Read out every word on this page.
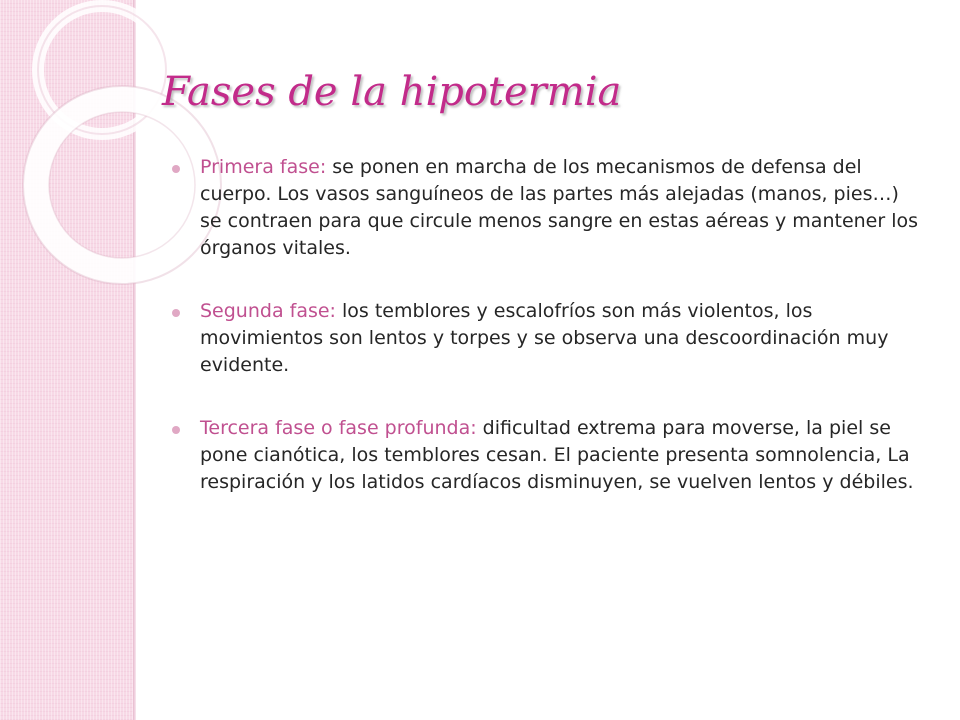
Fases de la hipotermia
Primera fase: se ponen en marcha de los mecanismos de defensa del cuerpo. Los vasos sanguíneos de las partes más alejadas (manos, pies…) se contraen para que circule menos sangre en estas aéreas y mantener los órganos vitales.
Segunda fase: los temblores y escalofríos son más violentos, los movimientos son lentos y torpes y se observa una descoordinación muy evidente.
Tercera fase o fase profunda: dificultad extrema para moverse, la piel se pone cianótica, los temblores cesan. El paciente presenta somnolencia, La respiración y los latidos cardíacos disminuyen, se vuelven lentos y débiles.
